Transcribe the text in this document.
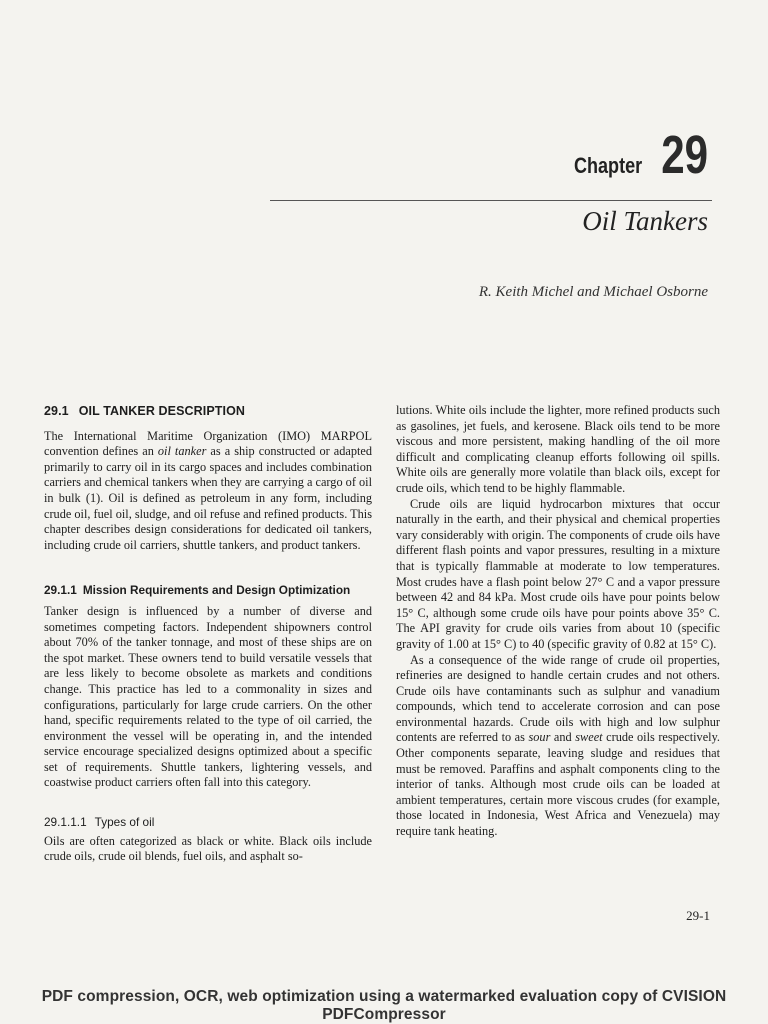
Chapter 29
Oil Tankers
R. Keith Michel and Michael Osborne
29.1 OIL TANKER DESCRIPTION

The International Maritime Organization (IMO) MARPOL convention defines an oil tanker as a ship constructed or adapted primarily to carry oil in its cargo spaces and includes combination carriers and chemical tankers when they are carrying a cargo of oil in bulk (1). Oil is defined as petroleum in any form, including crude oil, fuel oil, sludge, and oil refuse and refined products. This chapter describes design considerations for dedicated oil tankers, including crude oil carriers, shuttle tankers, and product tankers.

29.1.1 Mission Requirements and Design Optimization

Tanker design is influenced by a number of diverse and sometimes competing factors. Independent shipowners control about 70% of the tanker tonnage, and most of these ships are on the spot market. These owners tend to build versatile vessels that are less likely to become obsolete as markets and conditions change. This practice has led to a commonality in sizes and configurations, particularly for large crude carriers. On the other hand, specific requirements related to the type of oil carried, the environment the vessel will be operating in, and the intended service encourage specialized designs optimized about a specific set of requirements. Shuttle tankers, lightering vessels, and coastwise product carriers often fall into this category.

29.1.1.1 Types of oil

Oils are often categorized as black or white. Black oils include crude oils, crude oil blends, fuel oils, and asphalt so-

lutions. White oils include the lighter, more refined products such as gasolines, jet fuels, and kerosene. Black oils tend to be more viscous and more persistent, making handling of the oil more difficult and complicating cleanup efforts following oil spills. White oils are generally more volatile than black oils, except for crude oils, which tend to be highly flammable.

Crude oils are liquid hydrocarbon mixtures that occur naturally in the earth, and their physical and chemical properties vary considerably with origin. The components of crude oils have different flash points and vapor pressures, resulting in a mixture that is typically flammable at moderate to low temperatures. Most crudes have a flash point below 27° C and a vapor pressure between 42 and 84 kPa. Most crude oils have pour points below 15° C, although some crude oils have pour points above 35° C. The API gravity for crude oils varies from about 10 (specific gravity of 1.00 at 15° C) to 40 (specific gravity of 0.82 at 15° C).

As a consequence of the wide range of crude oil properties, refineries are designed to handle certain crudes and not others. Crude oils have contaminants such as sulphur and vanadium compounds, which tend to accelerate corrosion and can pose environmental hazards. Crude oils with high and low sulphur contents are referred to as sour and sweet crude oils respectively. Other components separate, leaving sludge and residues that must be removed. Paraffins and asphalt components cling to the interior of tanks. Although most crude oils can be loaded at ambient temperatures, certain more viscous crudes (for example, those located in Indonesia, West Africa and Venezuela) may require tank heating.

29-1
PDF compression, OCR, web optimization using a watermarked evaluation copy of CVISION PDFCompressor
